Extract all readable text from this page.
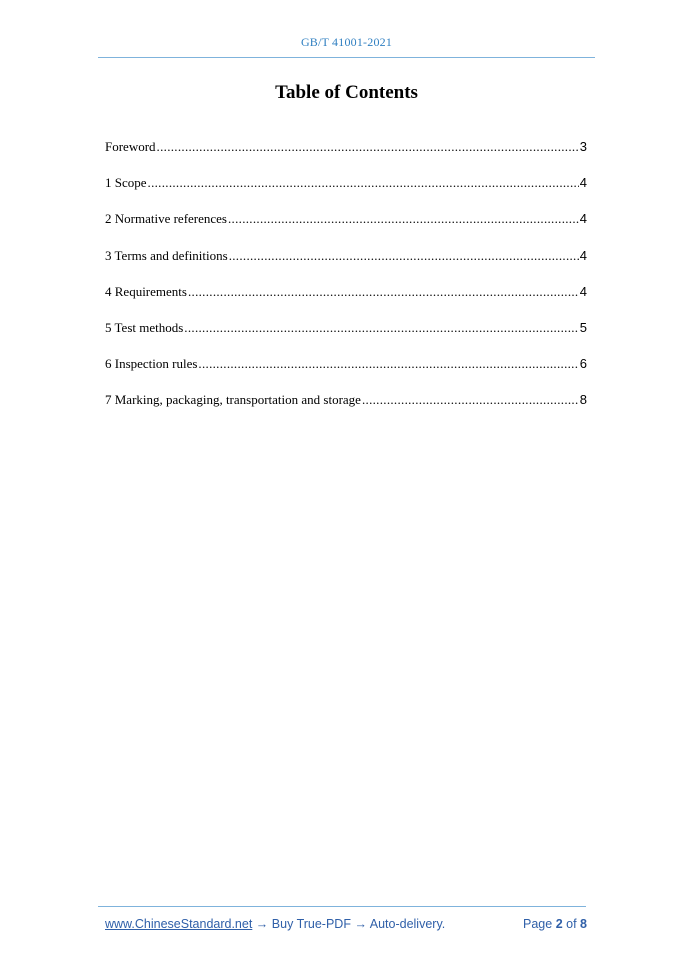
GB/T 41001-2021
Table of Contents
Foreword .....	3
1 Scope .....	4
2 Normative references .....	4
3 Terms and definitions .....	4
4 Requirements .....	4
5 Test methods .....	5
6 Inspection rules .....	6
7 Marking, packaging, transportation and storage .....	8
www.ChineseStandard.net → Buy True-PDF → Auto-delivery.	Page 2 of 8
